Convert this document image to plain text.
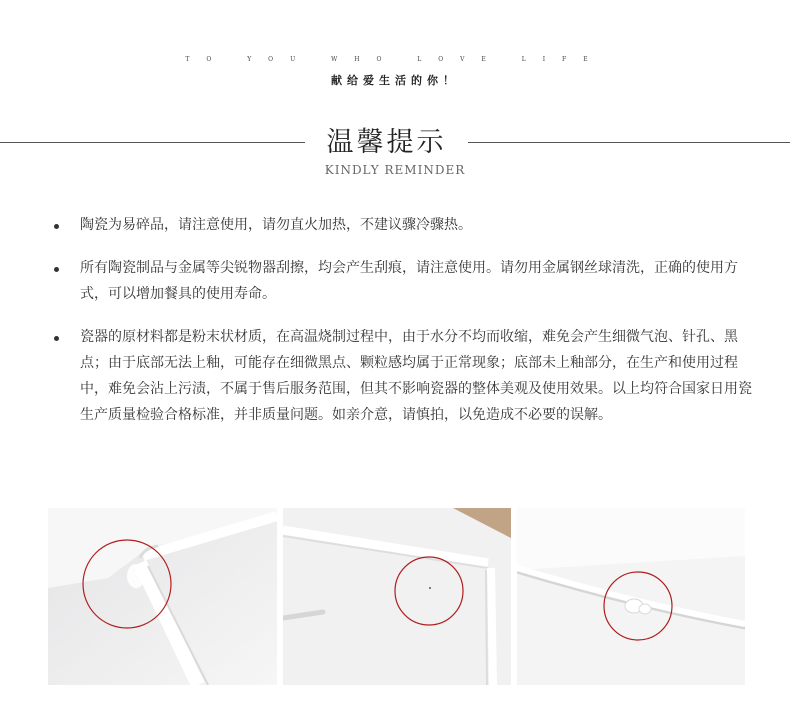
TO YOU WHO LOVE LIFE
献给爱生活的你！
温馨提示
KINDLY REMINDER
陶瓷为易碎品，请注意使用，请勿直火加热，不建议骤冷骤热。
所有陶瓷制品与金属等尖锐物器刮擦，均会产生刮痕，请注意使用。请勿用金属钢丝球清洗，正确的使用方式，可以增加餐具的使用寿命。
瓷器的原材料都是粉末状材质，在高温烧制过程中，由于水分不均而收缩，难免会产生细微气泡、针孔、黑点；由于底部无法上釉，可能存在细微黑点、颗粒感均属于正常现象；底部未上釉部分，在生产和使用过程中，难免会沾上污渍，不属于售后服务范围，但其不影响瓷器的整体美观及使用效果。以上均符合国家日用瓷生产质量检验合格标准，并非质量问题。如亲介意，请慎拍，以免造成不必要的误解。
